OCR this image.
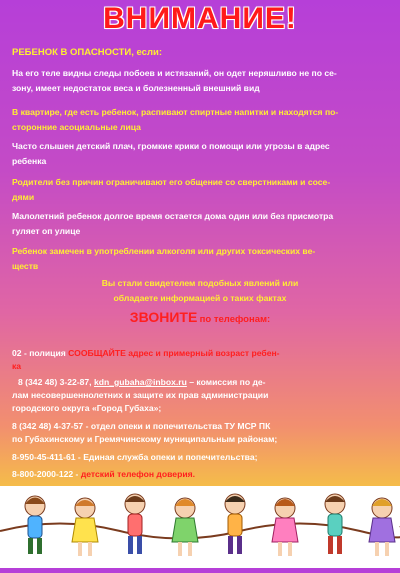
ВНИМАНИЕ!
РЕБЕНОК В ОПАСНОСТИ, если:
На его теле видны следы побоев и истязаний, он одет неряшливо не по се-
зону, имеет недостаток веса и болезненный внешний вид
В квартире, где есть ребенок, распивают спиртные напитки и находятся по-
сторонние асоциальные лица
Часто слышен детский плач, громкие крики о помощи или угрозы в адрес
ребенка
Родители без причин ограничивают его общение со сверстниками и сосе-
дями
Малолетний ребенок долгое время остается дома один или без присмотра
гуляет оп улице
Ребенок замечен в употреблении алкоголя или других токсических ве-
ществ
Вы стали свидетелем подобных явлений или
обладаете информацией о таких фактах
ЗВОНИТЕ по телефонам:
02 - полиция СООБЩАЙТЕ адрес и примерный возраст ребен-
ка
8 (342 48) 3-22-87, kdn_gubaha@inbox.ru – комиссия по де-
лам несовершеннолетних и защите их прав администрации
городского округа «Город Губаха»;
8 (342 48) 4-37-57 - отдел опеки и попечительства ТУ МСР ПК
по Губахинскому и Гремячинскому муниципальным районам;
8-950-45-411-61 - Единая служба опеки и попечительства;
8-800-2000-122 - детский телефон доверия.
